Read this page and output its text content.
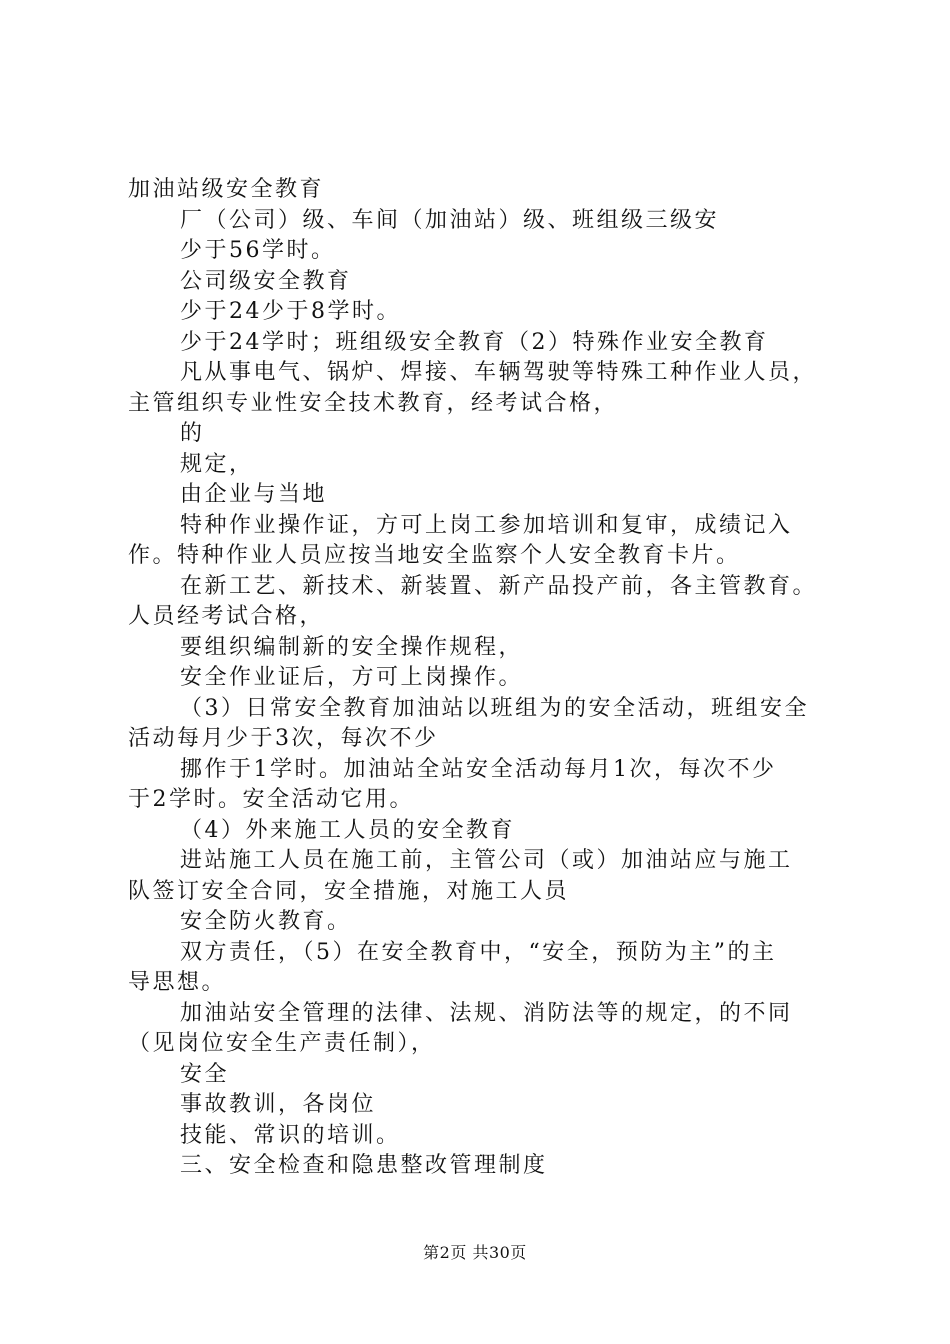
加油站级安全教育
厂（公司）级、车间（加油站）级、班组级三级安
少于56学时。
公司级安全教育
少于24少于8学时。
少于24学时；班组级安全教育（2）特殊作业安全教育
凡从事电气、锅炉、焊接、车辆驾驶等特殊工种作业人员，
主管组织专业性安全技术教育，经考试合格，
的
规定，
由企业与当地
特种作业操作证，方可上岗工参加培训和复审，成绩记入
作。特种作业人员应按当地安全监察个人安全教育卡片。
在新工艺、新技术、新装置、新产品投产前，各主管教育。
人员经考试合格，
要组织编制新的安全操作规程，
安全作业证后，方可上岗操作。
（3）日常安全教育加油站以班组为的安全活动，班组安全
活动每月少于3次，每次不少
挪作于1学时。加油站全站安全活动每月1次，每次不少
于2学时。安全活动它用。
（4）外来施工人员的安全教育
进站施工人员在施工前，主管公司（或）加油站应与施工
队签订安全合同，安全措施，对施工人员
安全防火教育。
双方责任，（5）在安全教育中，“安全，预防为主”的主
导思想。
加油站安全管理的法律、法规、消防法等的规定，的不同
（见岗位安全生产责任制），
安全
事故教训，各岗位
技能、常识的培训。
三、安全检查和隐患整改管理制度
第2页 共30页
